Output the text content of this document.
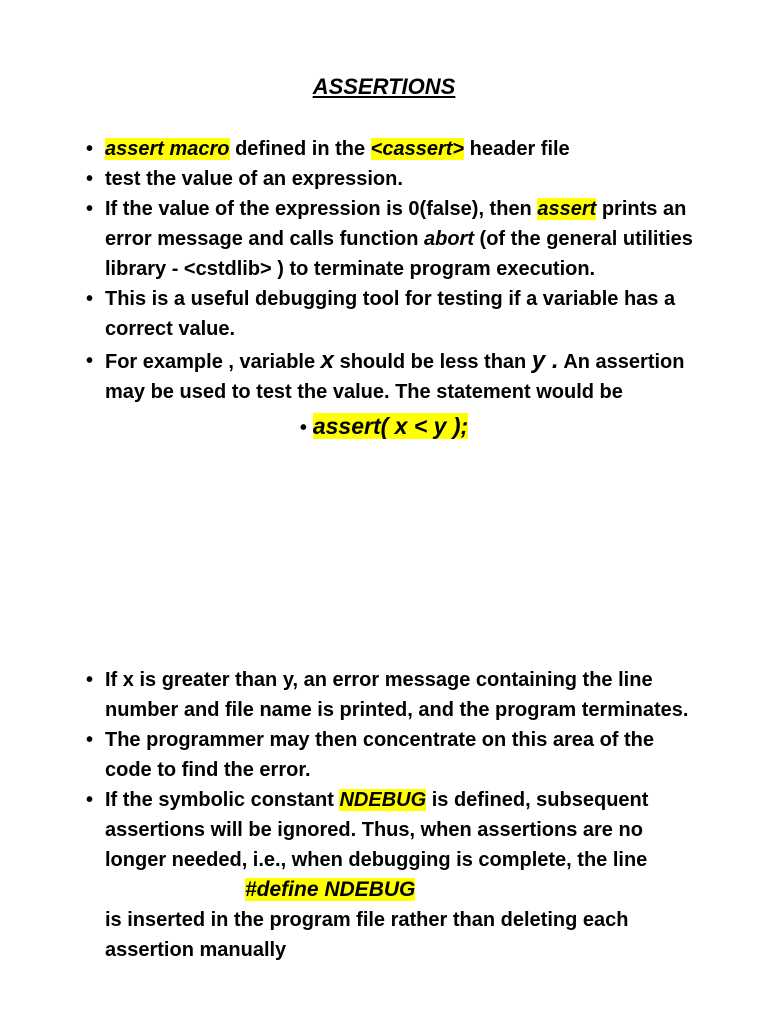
ASSERTIONS
• assert macro defined in the <cassert> header file
• test the value of an expression.
• If the value of the expression is 0(false), then assert prints an error message and calls function abort (of the general utilities library - <cstdlib> ) to terminate program execution.
• This is a useful debugging tool for testing if a variable has a correct value.
• For example , variable x should be less than y . An assertion may be used to test the value. The statement would be
• assert( x < y );
• If x is greater than y, an error message containing the line number and file name is printed, and the program terminates.
• The programmer may then concentrate on this area of the code to find the error.
• If the symbolic constant NDEBUG is defined, subsequent assertions will be ignored. Thus, when assertions are no longer needed, i.e., when debugging is complete, the line
#define NDEBUG
is inserted in the program file rather than deleting each assertion manually
